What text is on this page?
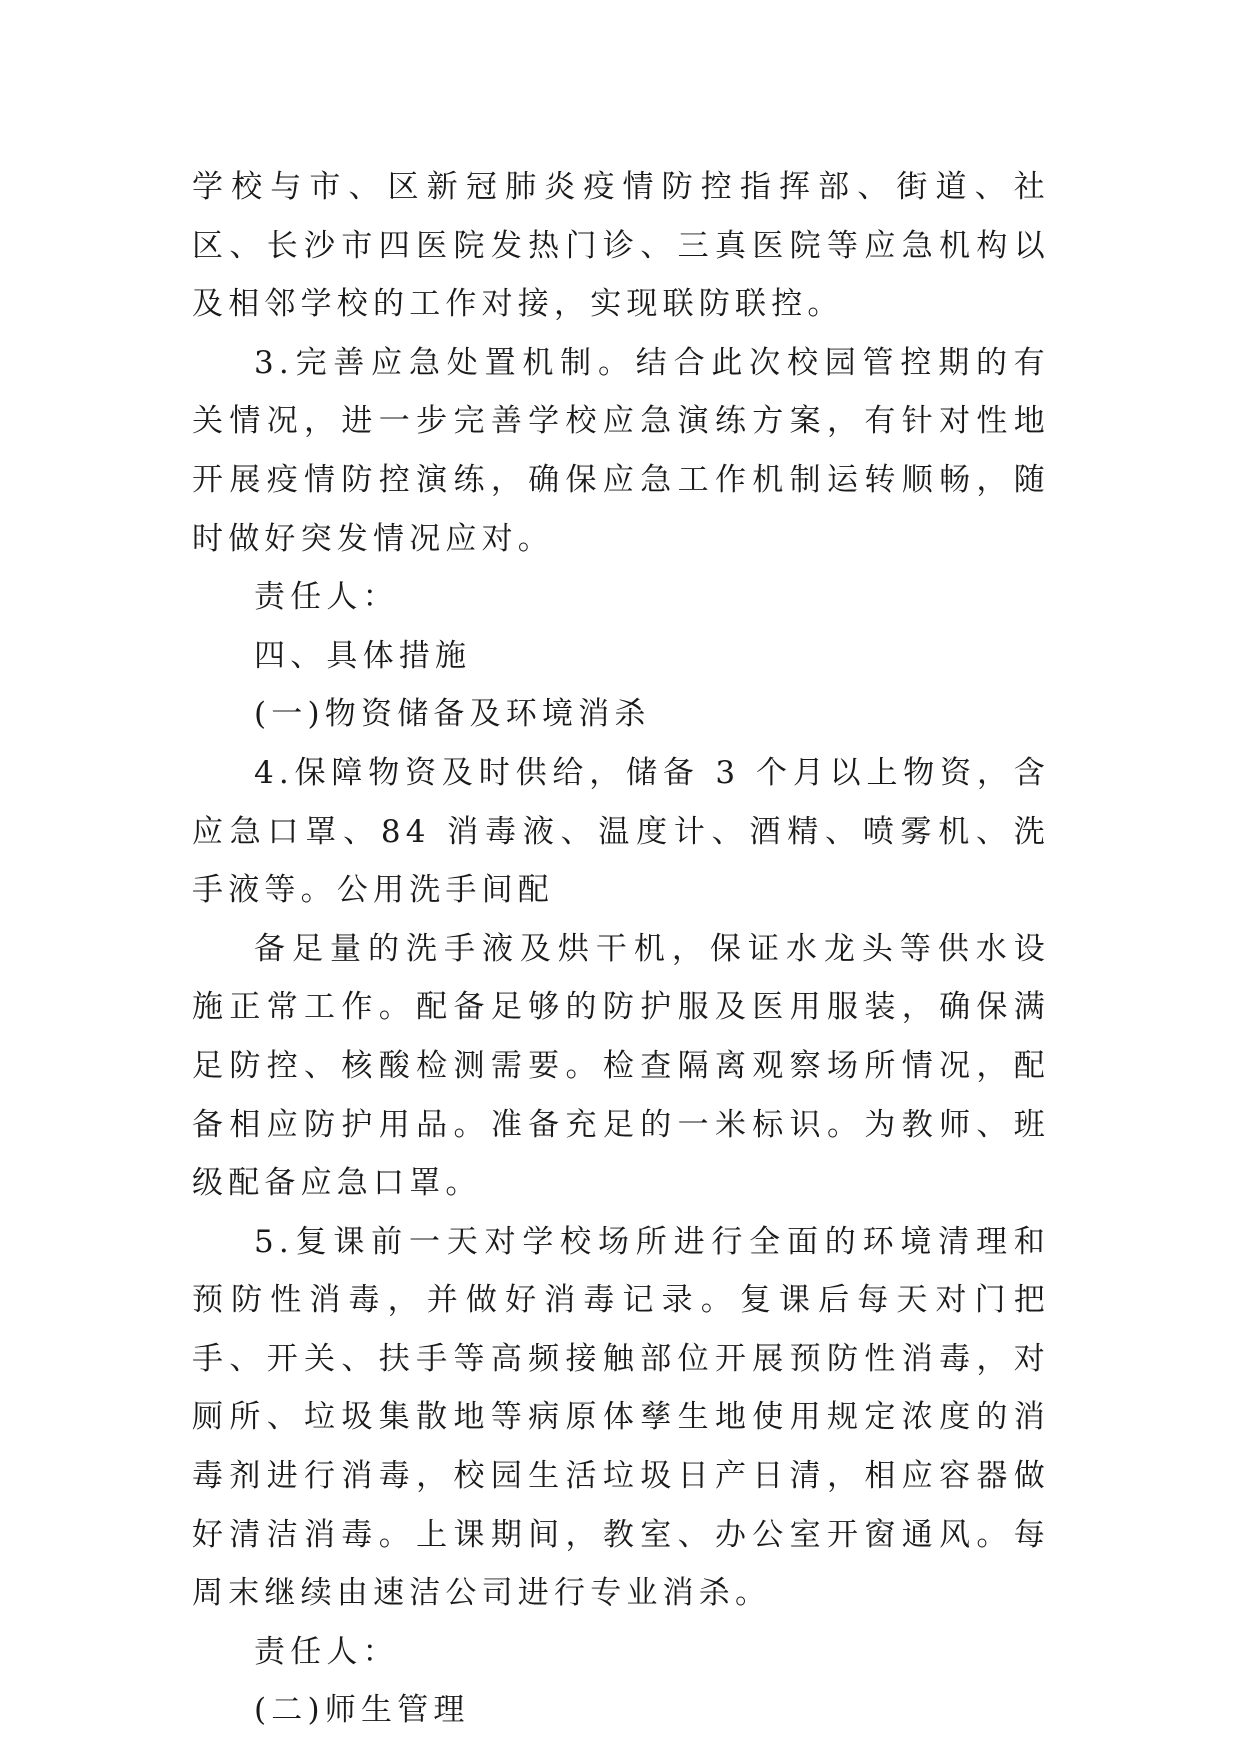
学校与市、区新冠肺炎疫情防控指挥部、街道、社区、长沙市四医院发热门诊、三真医院等应急机构以及相邻学校的工作对接，实现联防联控。

3.完善应急处置机制。结合此次校园管控期的有关情况，进一步完善学校应急演练方案，有针对性地开展疫情防控演练，确保应急工作机制运转顺畅，随时做好突发情况应对。

责任人：

四、具体措施

(一)物资储备及环境消杀

4.保障物资及时供给，储备 3 个月以上物资，含应急口罩、84 消毒液、温度计、酒精、喷雾机、洗手液等。公用洗手间配

备足量的洗手液及烘干机，保证水龙头等供水设施正常工作。配备足够的防护服及医用服装，确保满足防控、核酸检测需要。检查隔离观察场所情况，配备相应防护用品。准备充足的一米标识。为教师、班级配备应急口罩。

5.复课前一天对学校场所进行全面的环境清理和预防性消毒，并做好消毒记录。复课后每天对门把手、开关、扶手等高频接触部位开展预防性消毒，对厕所、垃圾集散地等病原体孳生地使用规定浓度的消毒剂进行消毒，校园生活垃圾日产日清，相应容器做好清洁消毒。上课期间，教室、办公室开窗通风。每周末继续由速洁公司进行专业消杀。

责任人：

(二)师生管理
